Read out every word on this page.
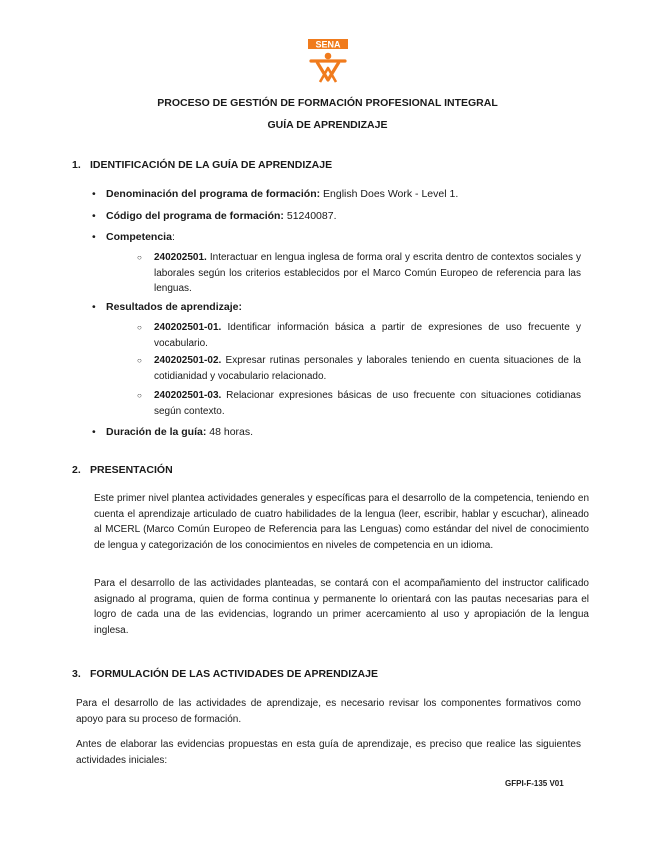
SENA
PROCESO DE GESTIÓN DE FORMACIÓN PROFESIONAL INTEGRAL
GUÍA DE APRENDIZAJE
1. IDENTIFICACIÓN DE LA GUÍA DE APRENDIZAJE
• Denominación del programa de formación: English Does Work - Level 1.
• Código del programa de formación: 51240087.
• Competencia:
○ 240202501. Interactuar en lengua inglesa de forma oral y escrita dentro de contextos sociales y laborales según los criterios establecidos por el Marco Común Europeo de referencia para las lenguas.
• Resultados de aprendizaje:
○ 240202501-01. Identificar información básica a partir de expresiones de uso frecuente y vocabulario.
○ 240202501-02. Expresar rutinas personales y laborales teniendo en cuenta situaciones de la cotidianidad y vocabulario relacionado.
○ 240202501-03. Relacionar expresiones básicas de uso frecuente con situaciones cotidianas según contexto.
• Duración de la guía: 48 horas.
2. PRESENTACIÓN
Este primer nivel plantea actividades generales y específicas para el desarrollo de la competencia, teniendo en cuenta el aprendizaje articulado de cuatro habilidades de la lengua (leer, escribir, hablar y escuchar), alineado al MCERL (Marco Común Europeo de Referencia para las Lenguas) como estándar del nivel de conocimiento de lengua y categorización de los conocimientos en niveles de competencia en un idioma.
Para el desarrollo de las actividades planteadas, se contará con el acompañamiento del instructor calificado asignado al programa, quien de forma continua y permanente lo orientará con las pautas necesarias para el logro de cada una de las evidencias, logrando un primer acercamiento al uso y apropiación de la lengua inglesa.
3. FORMULACIÓN DE LAS ACTIVIDADES DE APRENDIZAJE
Para el desarrollo de las actividades de aprendizaje, es necesario revisar los componentes formativos como apoyo para su proceso de formación.
Antes de elaborar las evidencias propuestas en esta guía de aprendizaje, es preciso que realice las siguientes actividades iniciales:
GFPI-F-135 V01
